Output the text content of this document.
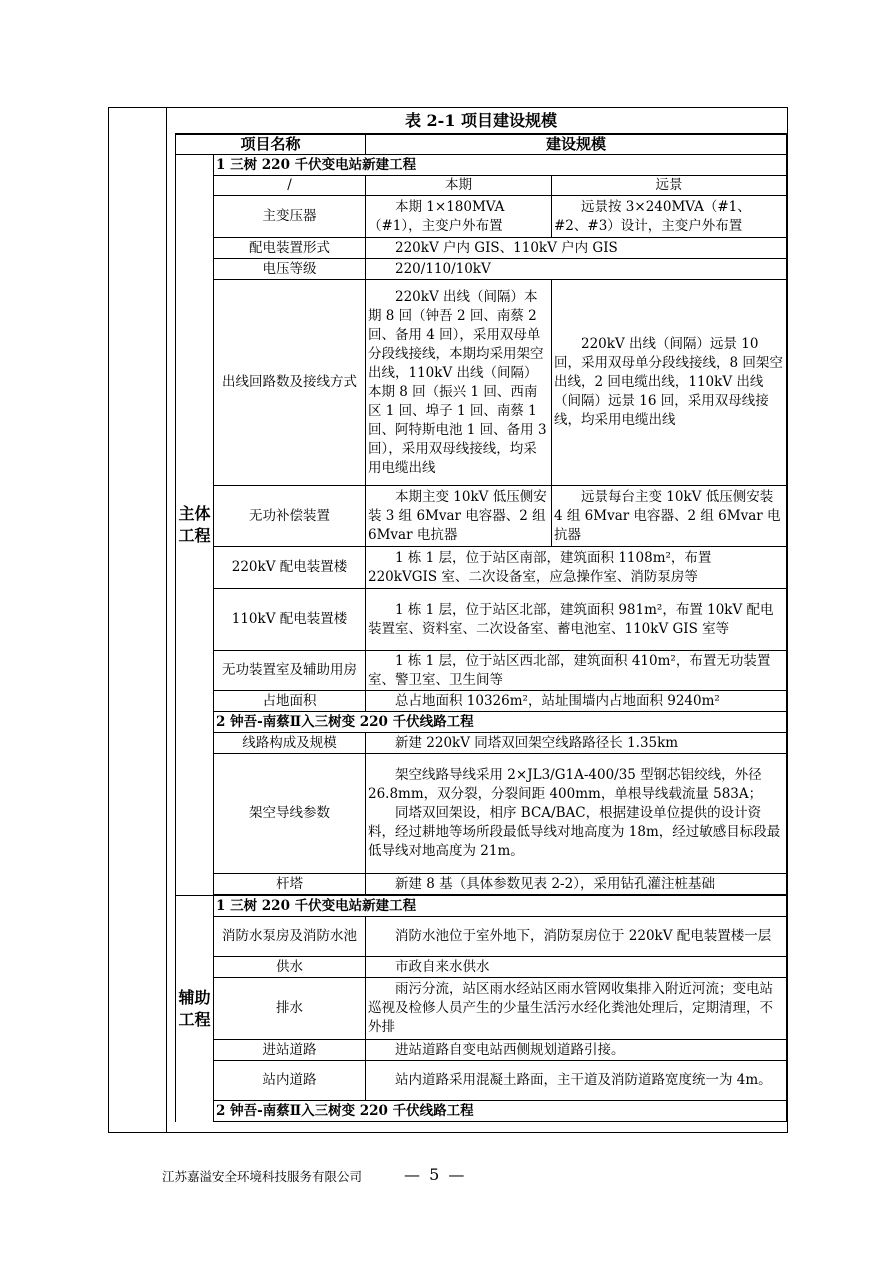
表 2-1 项目建设规模			
项目名称		建设规模	
主体
工程	1 三树 220 千伏变电站新建工程		
	/	本期	远景
	主变压器	本期 1×180MVA（#1），主变户外布置	远景按 3×240MVA（#1、#2、#3）设计，主变户外布置
	配电装置形式	220kV 户内 GIS、110kV 户内 GIS	
	电压等级	220/110/10kV	
	出线回路数及接线方式	220kV 出线（间隔）本期 8 回（钟吾 2 回、南蔡 2 回、备用 4 回），采用双母单分段线接线，本期均采用架空出线，110kV 出线（间隔）本期 8 回（振兴 1 回、西南区 1 回、埠子 1 回、南蔡 1 回、阿特斯电池 1 回、备用 3 回），采用双母线接线，均采用电缆出线	220kV 出线（间隔）远景 10 回，采用双母单分段线接线，8 回架空出线，2 回电缆出线，110kV 出线（间隔）远景 16 回，采用双母线接线，均采用电缆出线
	无功补偿装置	本期主变 10kV 低压侧安装 3 组 6Mvar 电容器、2 组 6Mvar 电抗器	远景每台主变 10kV 低压侧安装 4 组 6Mvar 电容器、2 组 6Mvar 电抗器
	220kV 配电装置楼	1 栋 1 层，位于站区南部，建筑面积 1108m²，布置 220kVGIS 室、二次设备室，应急操作室、消防泵房等	
	110kV 配电装置楼	1 栋 1 层，位于站区北部，建筑面积 981m²，布置 10kV 配电装置室、资料室、二次设备室、蓄电池室、110kV GIS 室等	
	无功装置室及辅助用房	1 栋 1 层，位于站区西北部，建筑面积 410m²，布置无功装置室、警卫室、卫生间等	
	占地面积	总占地面积 10326m²，站址围墙内占地面积 9240m²	
	2 钟吾-南蔡Ⅱ入三树变 220 千伏线路工程		
	线路构成及规模	新建 220kV 同塔双回架空线路路径长 1.35km	
	架空导线参数	架空线路导线采用 2×JL3/G1A-400/35 型钢芯铝绞线，外径 26.8mm，双分裂，分裂间距 400mm，单根导线载流量 583A；
同塔双回架设，相序 BCA/BAC，根据建设单位提供的设计资料，经过耕地等场所段最低导线对地高度为 18m，经过敏感目标段最低导线对地高度为 21m。	

	杆塔	新建 8 基（具体参数见表 2-2），采用钻孔灌注桩基础	

辅助
工程	1 三树 220 千伏变电站新建工程		
	消防水泵房及消防水池	消防水池位于室外地下，消防泵房位于 220kV 配电装置楼一层	
	供水	市政自来水供水	
	排水	雨污分流，站区雨水经站区雨水管网收集排入附近河流；变电站巡视及检修人员产生的少量生活污水经化粪池处理后，定期清理，不外排	
	进站道路	进站道路自变电站西侧规划道路引接。	
	站内道路	站内道路采用混凝土路面，主干道及消防道路宽度统一为 4m。	
	2 钟吾-南蔡Ⅱ入三树变 220 千伏线路工程		
江苏嘉溢安全环境科技服务有限公司	— 5 —
